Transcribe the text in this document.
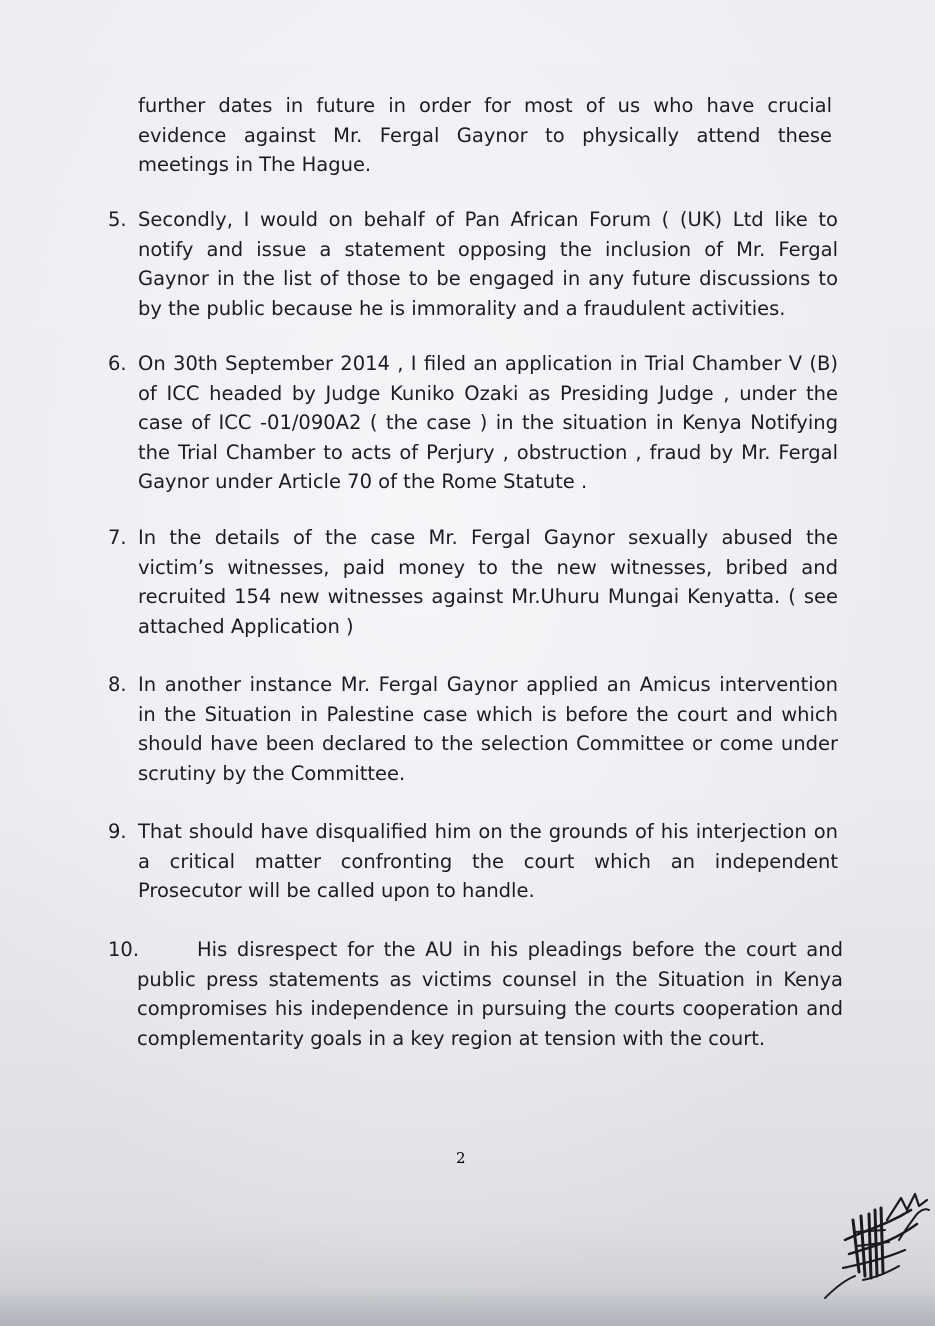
further dates in future in order for most of us who have crucial evidence against Mr. Fergal Gaynor to physically attend these meetings in The Hague.
5. Secondly, I would on behalf of Pan African Forum ( (UK) Ltd like to notify and issue a statement opposing the inclusion of Mr. Fergal Gaynor in the list of those to be engaged in any future discussions to by the public because he is immorality and a fraudulent activities.
6. On 30th September 2014 , I filed an application in Trial Chamber V (B) of ICC headed by Judge Kuniko Ozaki as Presiding Judge , under the case of ICC -01/090A2 ( the case ) in the situation in Kenya Notifying the Trial Chamber to acts of Perjury , obstruction , fraud by Mr. Fergal Gaynor under Article 70 of the Rome Statute .
7. In the details of the case Mr. Fergal Gaynor sexually abused the victim’s witnesses, paid money to the new witnesses, bribed and recruited 154 new witnesses against Mr.Uhuru Mungai Kenyatta. ( see attached Application )
8. In another instance Mr. Fergal Gaynor applied an Amicus intervention in the Situation in Palestine case which is before the court and which should have been declared to the selection Committee or come under scrutiny by the Committee.
9. That should have disqualified him on the grounds of his interjection on a critical matter confronting the court which an independent Prosecutor will be called upon to handle.
10.	His disrespect for the AU in his pleadings before the court and public press statements as victims counsel in the Situation in Kenya compromises his independence in pursuing the courts cooperation and complementarity goals in a key region at tension with the court.
2
